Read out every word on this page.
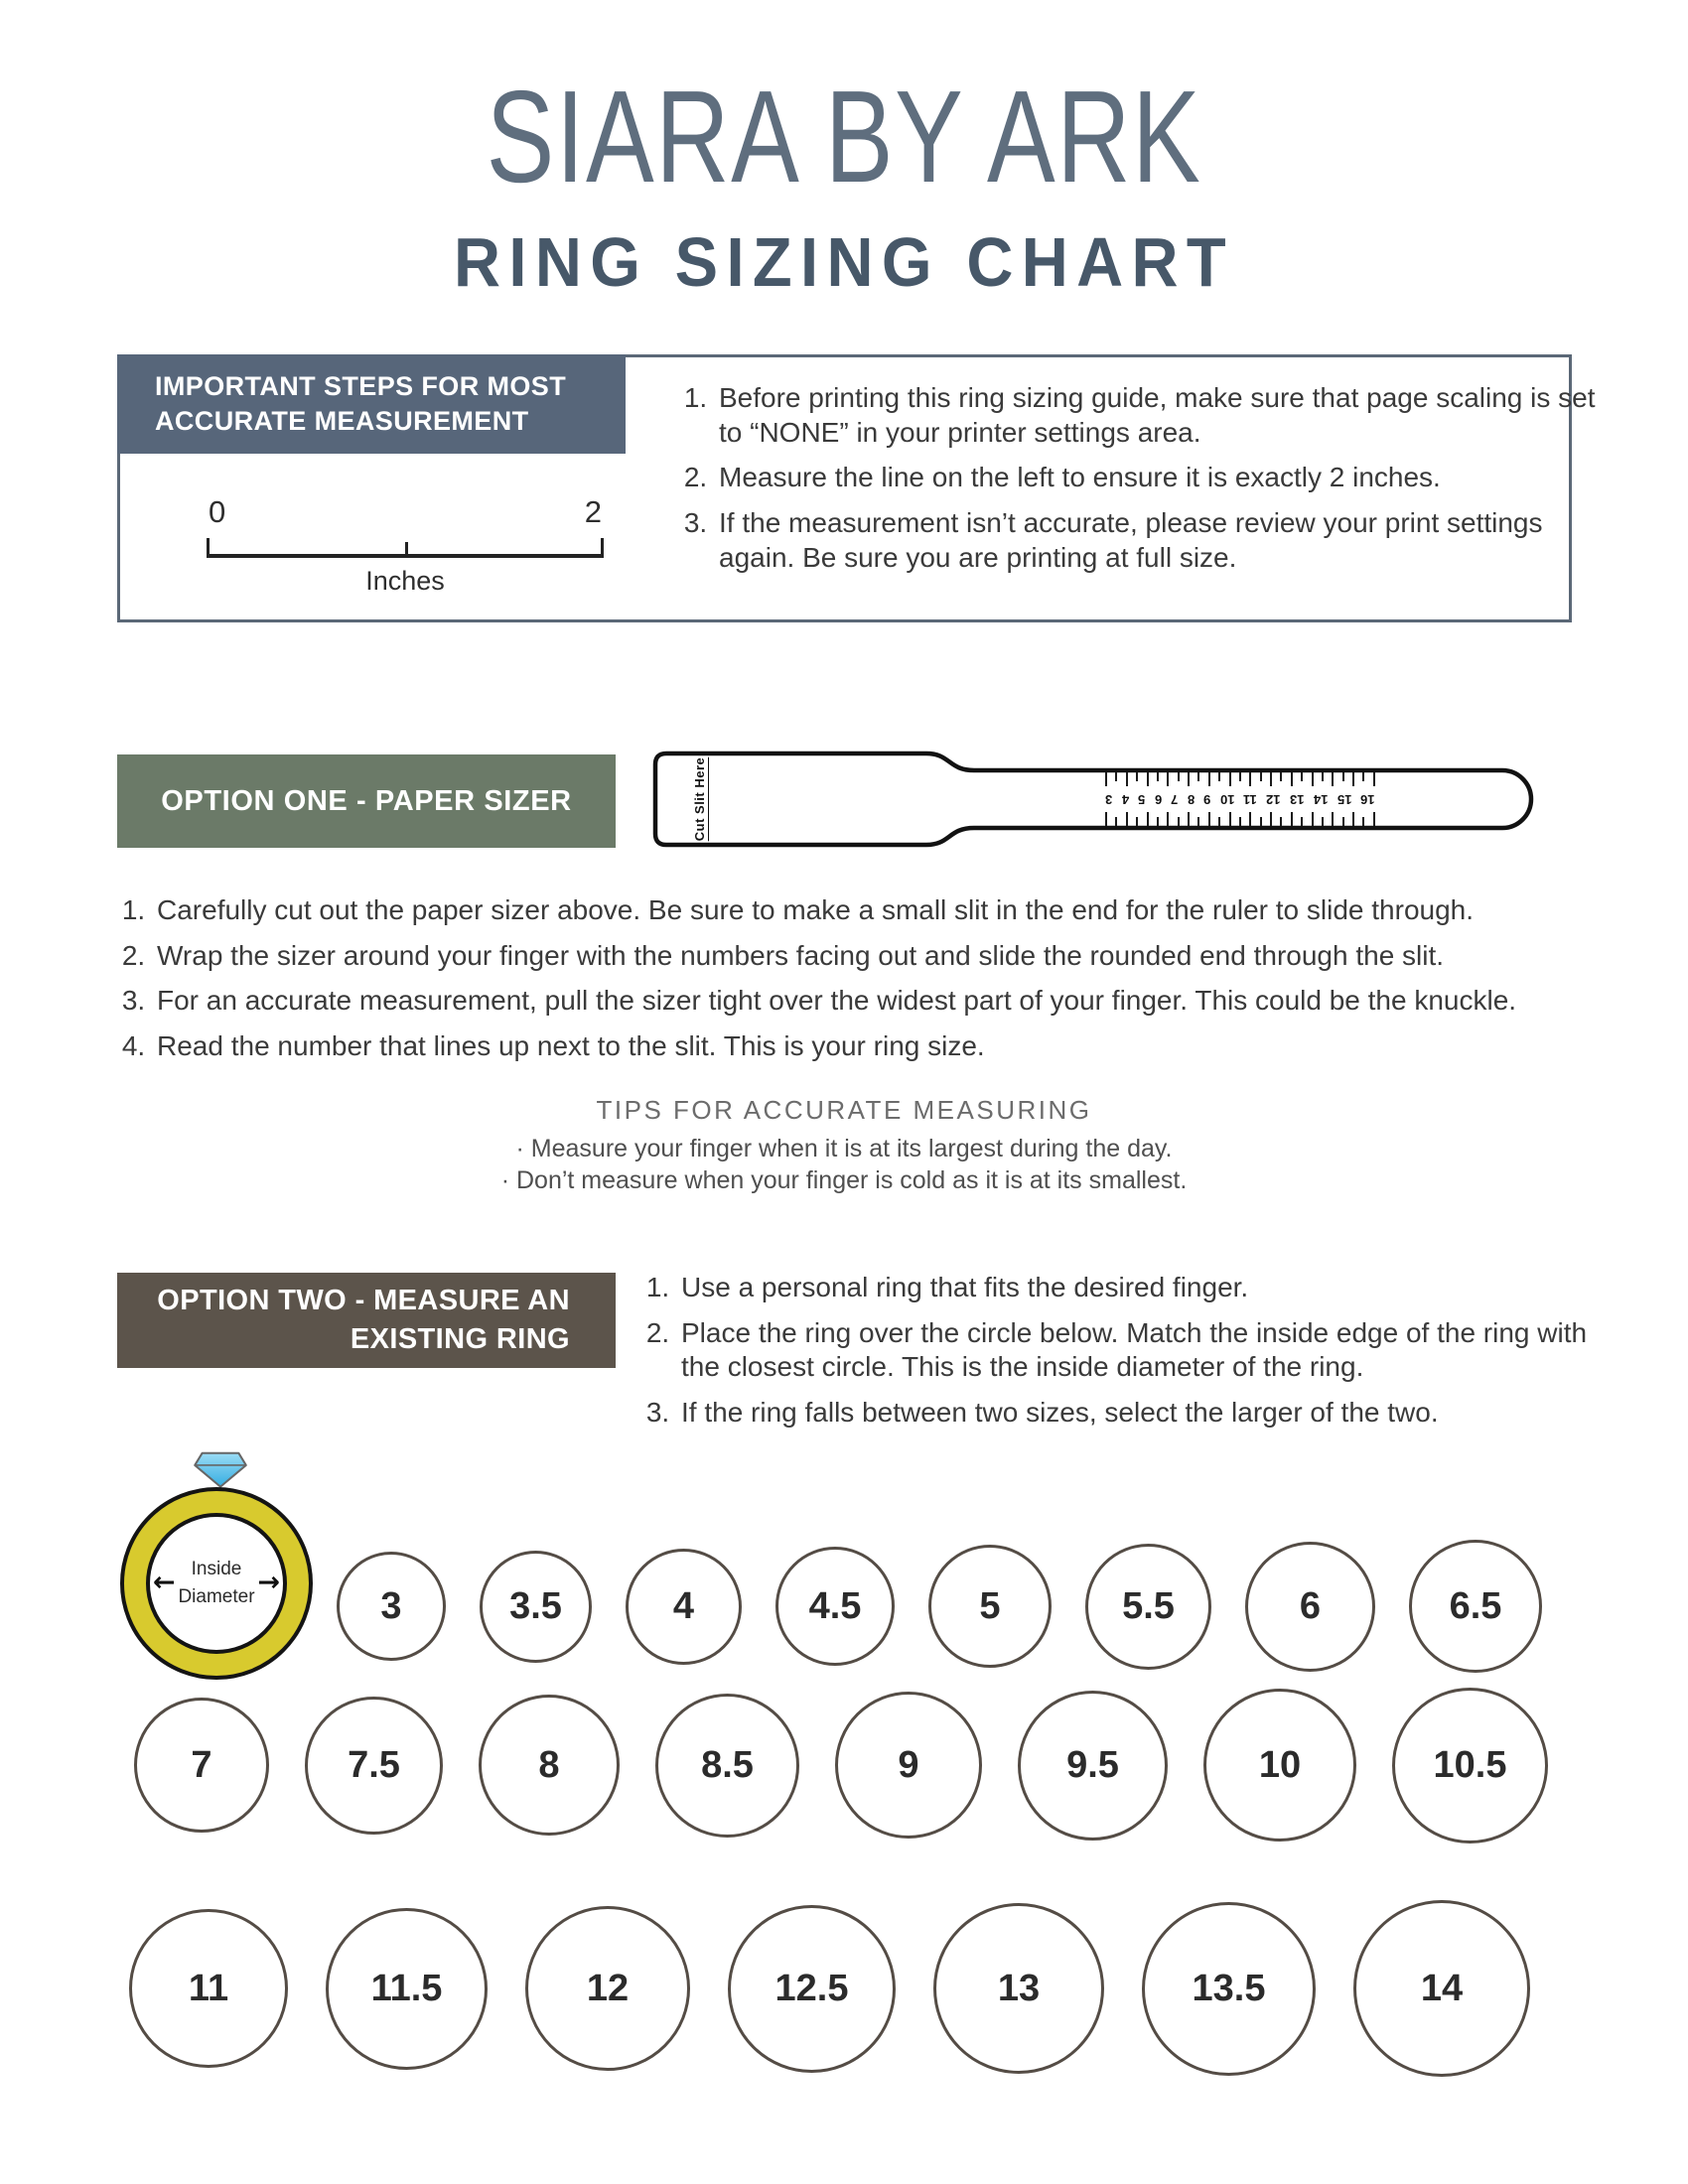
SIARA BY ARK
RING SIZING CHART
IMPORTANT STEPS FOR MOST
ACCURATE MEASUREMENT
0	2
Inches
1. Before printing this ring sizing guide, make sure that page scaling is set to “NONE” in your printer settings area.
2. Measure the line on the left to ensure it is exactly 2 inches.
3. If the measurement isn’t accurate, please review your print settings again. Be sure you are printing at full size.
OPTION ONE - PAPER SIZER	Cut Slit Here	3 4 5 6 7 8 9 10 11 12 13 14 15 16
1. Carefully cut out the paper sizer above. Be sure to make a small slit in the end for the ruler to slide through.
2. Wrap the sizer around your finger with the numbers facing out and slide the rounded end through the slit.
3. For an accurate measurement, pull the sizer tight over the widest part of your finger. This could be the knuckle.
4. Read the number that lines up next to the slit. This is your ring size.
TIPS FOR ACCURATE MEASURING
· Measure your finger when it is at its largest during the day.
· Don’t measure when your finger is cold as it is at its smallest.
OPTION TWO - MEASURE AN
EXISTING RING
1. Use a personal ring that fits the desired finger.
2. Place the ring over the circle below. Match the inside edge of the ring with the closest circle. This is the inside diameter of the ring.
3. If the ring falls between two sizes, select the larger of the two.
← Inside
Diameter →
3	3.5	4	4.5	5	5.5	6	6.5
7	7.5	8	8.5	9	9.5	10	10.5
11	11.5	12	12.5	13	13.5	14
